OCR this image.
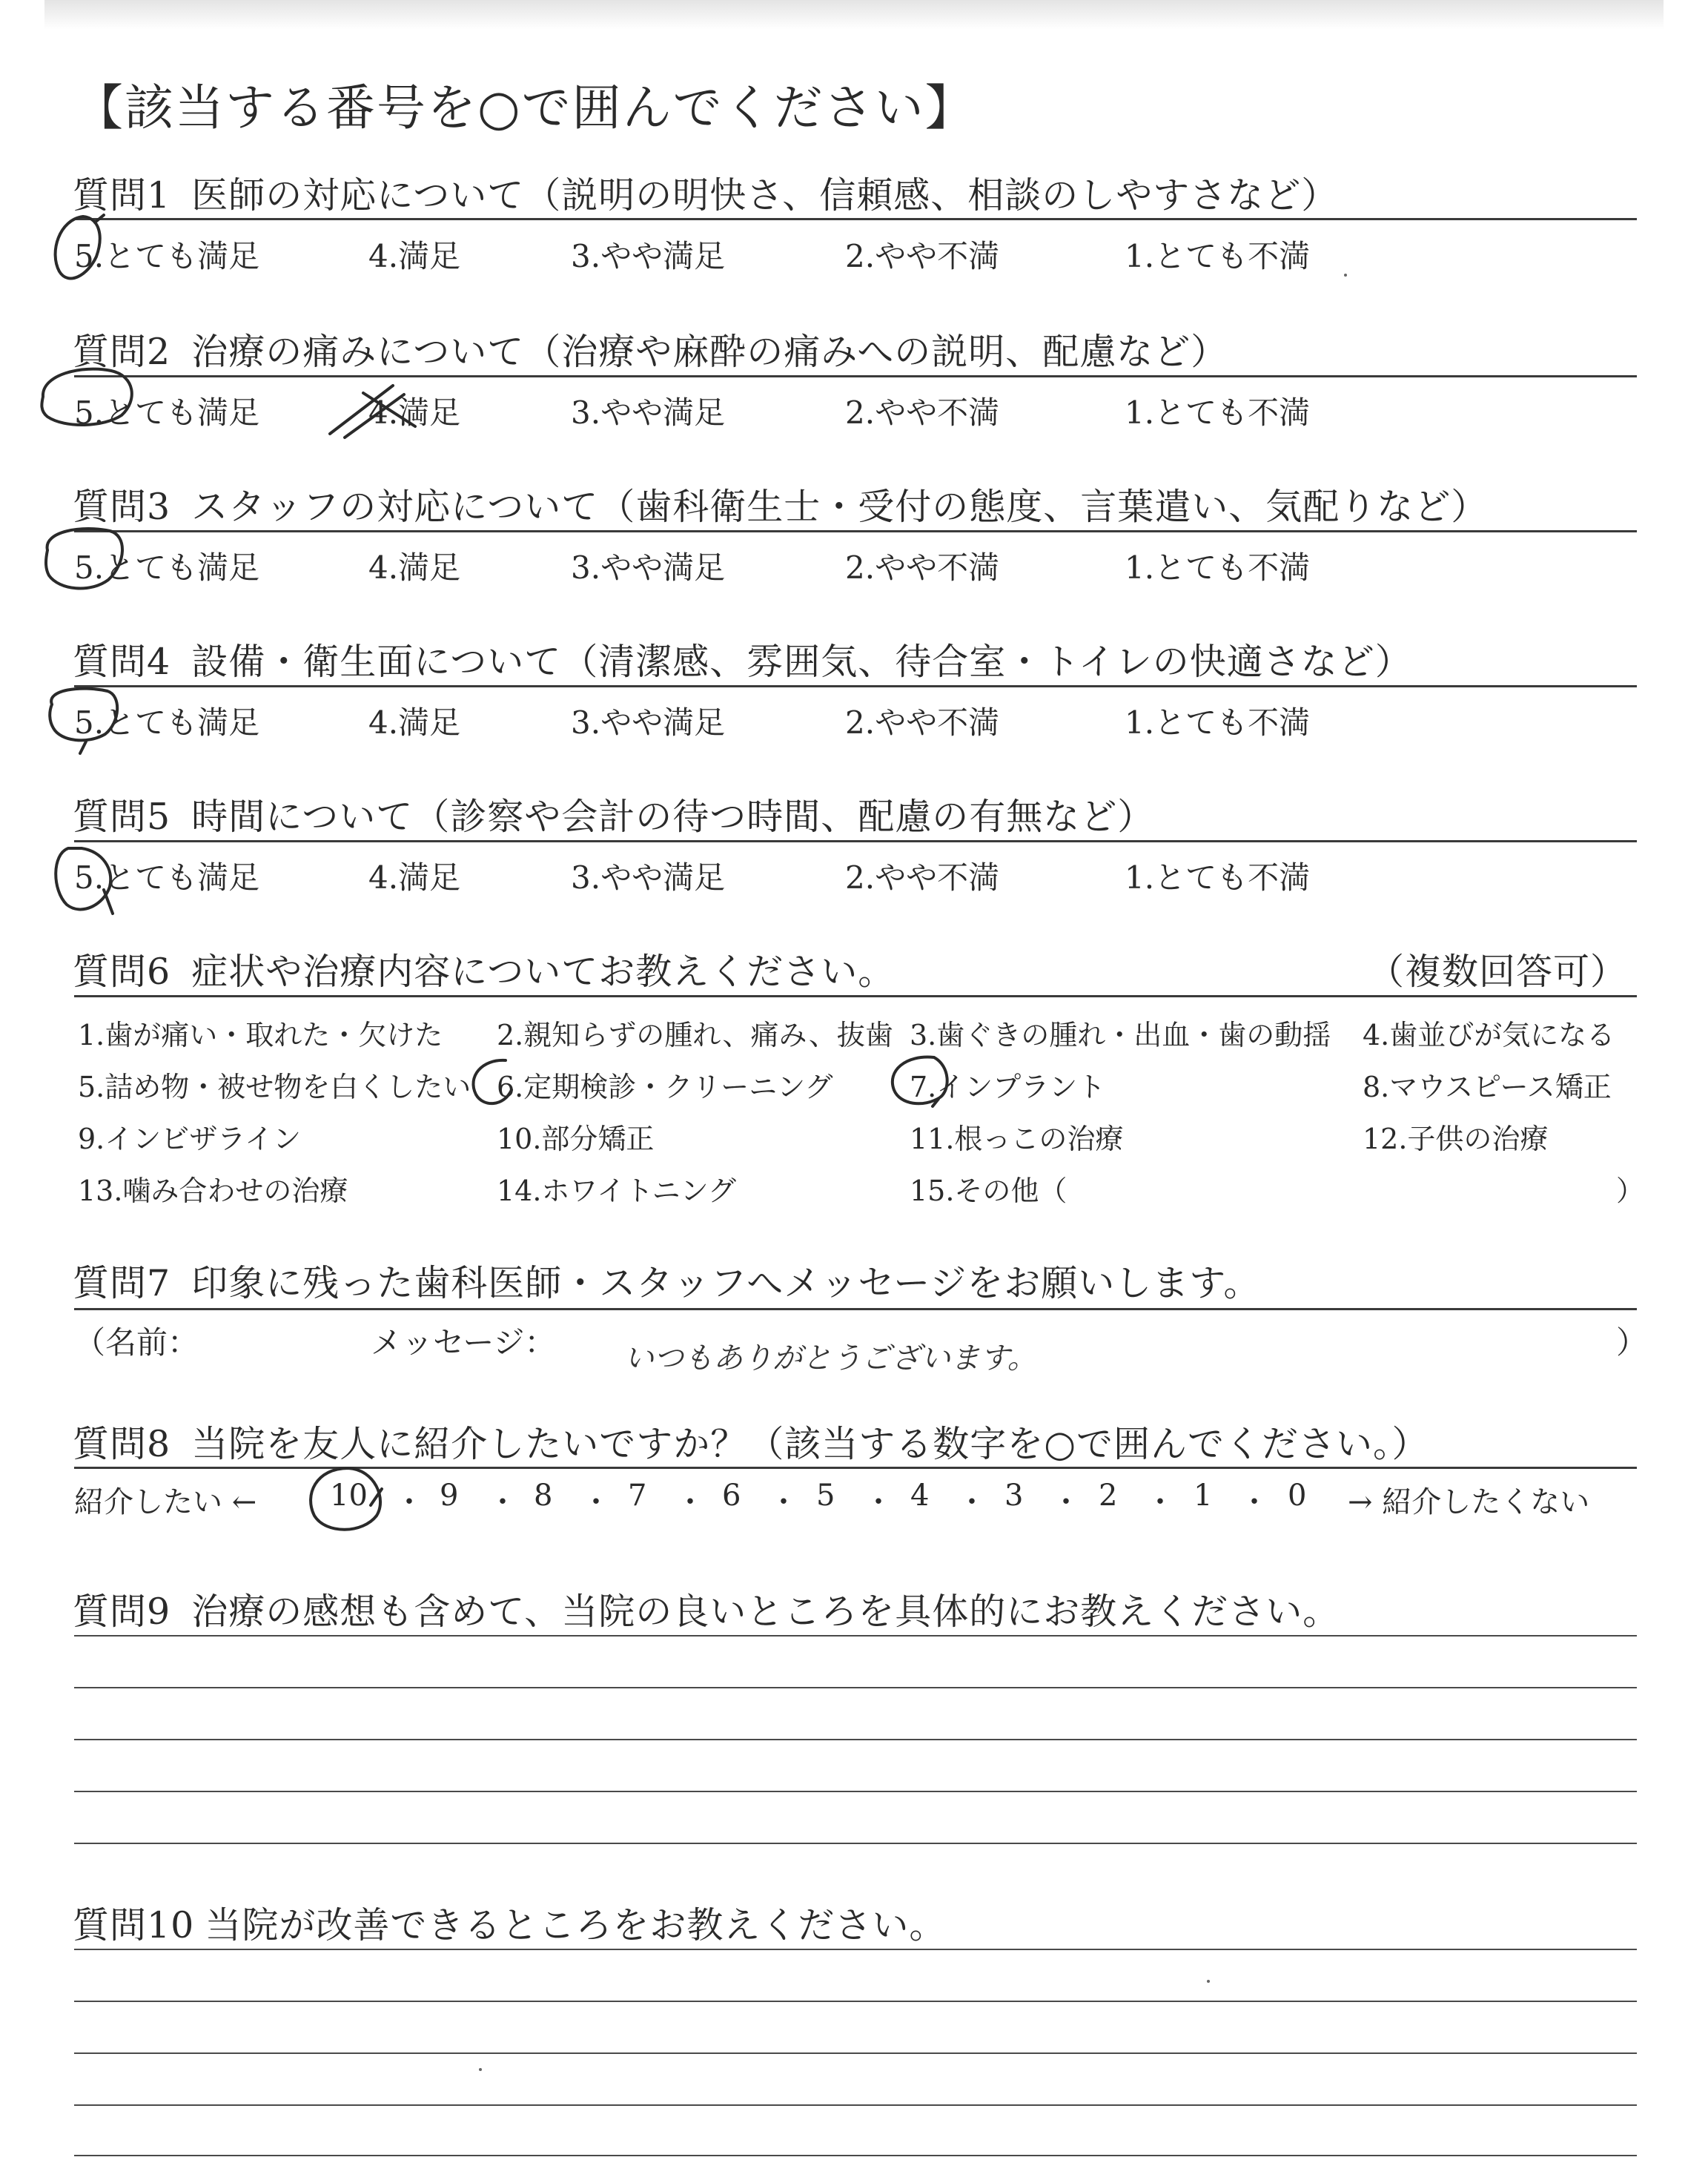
【該当する番号を○で囲んでください】
質問1 医師の対応について（説明の明快さ、信頼感、相談のしやすさなど）
5.とても満足	4.満足	3.やや満足	2.やや不満	1.とても不満
質問2 治療の痛みについて（治療や麻酔の痛みへの説明、配慮など）
5.とても満足	4.満足	3.やや満足	2.やや不満	1.とても不満
質問3 スタッフの対応について（歯科衛生士・受付の態度、言葉遣い、気配りなど）
5.とても満足	4.満足	3.やや満足	2.やや不満	1.とても不満
質問4 設備・衛生面について（清潔感、雰囲気、待合室・トイレの快適さなど）
5.とても満足	4.満足	3.やや満足	2.やや不満	1.とても不満
質問5 時間について（診察や会計の待つ時間、配慮の有無など）
5.とても満足	4.満足	3.やや満足	2.やや不満	1.とても不満
質問6 症状や治療内容についてお教えください。	（複数回答可）
1.歯が痛い・取れた・欠けた 2.親知らずの腫れ、痛み、抜歯 3.歯ぐきの腫れ・出血・歯の動揺 4.歯並びが気になる
5.詰め物・被せ物を白くしたい 6.定期検診・クリーニング	7.インプラント	8.マウスピース矯正
9.インビザライン	10.部分矯正	11.根っこの治療	12.子供の治療
13.噛み合わせの治療	14.ホワイトニング	15.その他（	）
質問7 印象に残った歯科医師・スタッフへメッセージをお願いします。
（名前：	メッセージ： いつもありがとうございます。	）
質問8 当院を友人に紹介したいですか？（該当する数字を○で囲んでください。）
紹介したい ← 10 ・ 9 ・ 8 ・ 7 ・ 6 ・ 5 ・ 4 ・ 3 ・ 2 ・ 1 ・ 0 → 紹介したくない
質問9 治療の感想も含めて、当院の良いところを具体的にお教えください。
質問10 当院が改善できるところをお教えください。
